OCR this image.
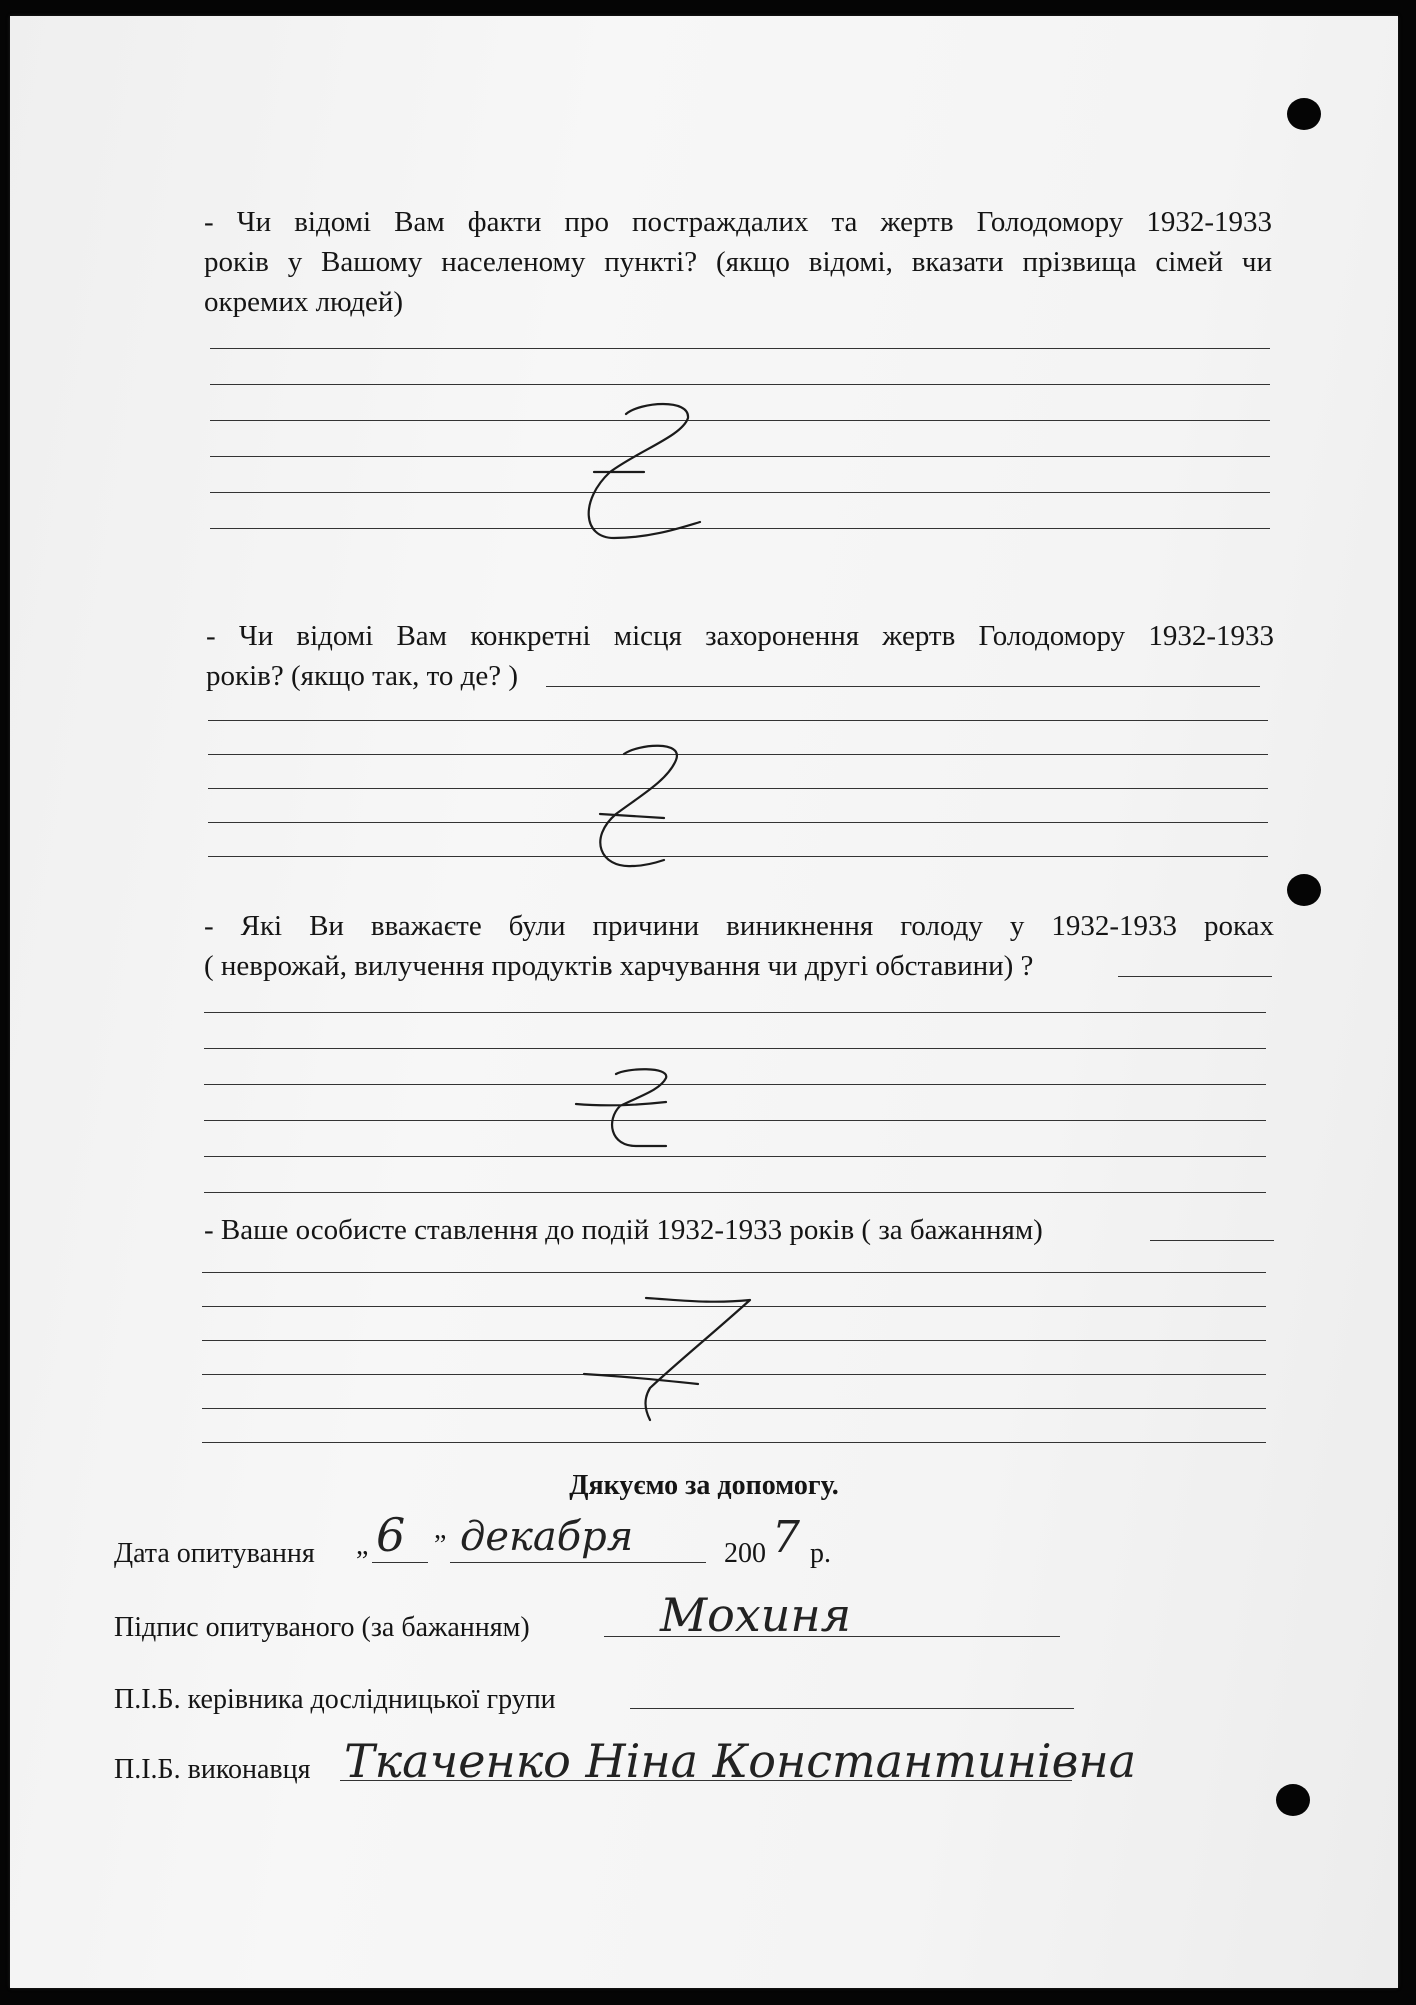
- Чи відомі Вам факти про постраждалих та жертв Голодомору 1932-1933
років у Вашому населеному пункті? (якщо відомі, вказати прізвища сімей чи
окремих людей)
- Чи відомі Вам конкретні місця захоронення жертв Голодомору 1932-1933
років? (якщо так, то де? )
- Які Ви вважаєте були причини виникнення голоду у 1932-1933 роках
( неврожай, вилучення продуктів харчування чи другі обставини) ?
- Ваше особисте ставлення до подій 1932-1933 років ( за бажанням)
Дякуємо за допомогу.
Дата опитування „ 6 ” декабря	200 7 р.
Підпис опитуваного (за бажанням)	Мохиня
П.І.Б. керівника дослідницької групи
П.І.Б. виконавця Ткаченко Ніна Константинівна
